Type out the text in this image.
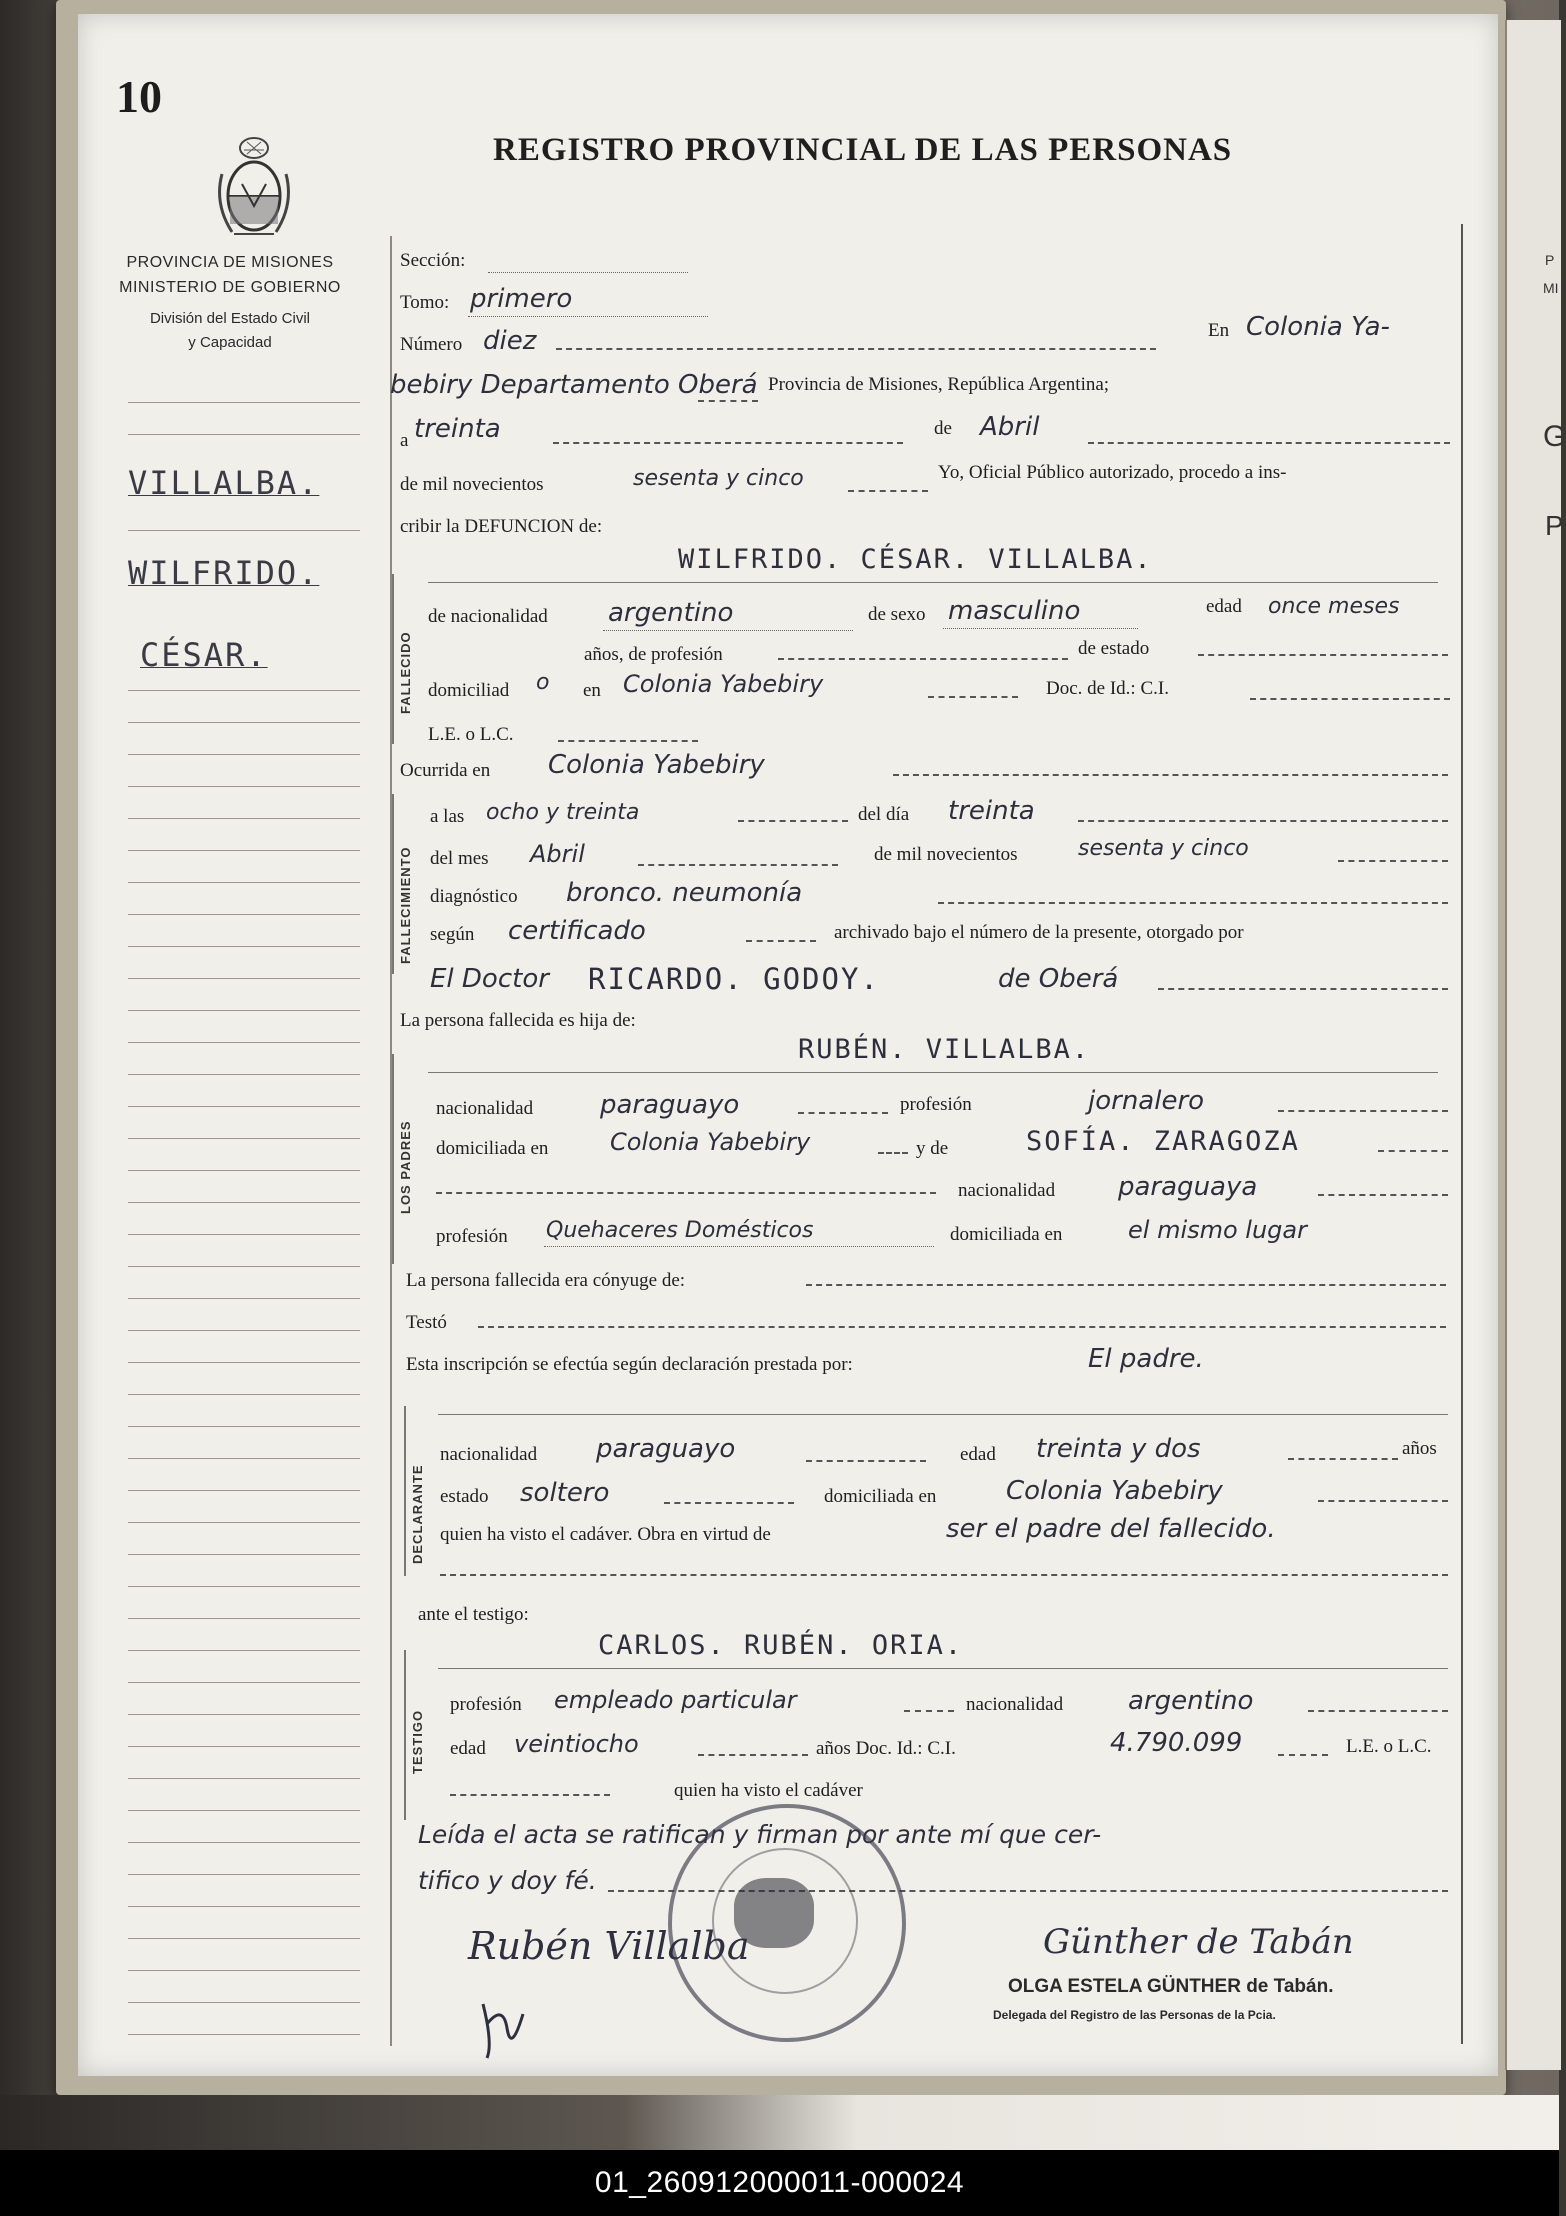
P
MI
G
P
10
REGISTRO PROVINCIAL DE LAS PERSONAS
PROVINCIA DE MISIONES
MINISTERIO DE GOBIERNO
División del Estado Civil
y Capacidad
VILLALBA.
WILFRIDO.
CÉSAR.
Sección:
Tomo: primero
Número diez	En Colonia Ya-
bebiry Departamento Oberá Provincia de Misiones, República Argentina;
a treinta	de Abril
de mil novecientos	sesenta y cinco	Yo, Oficial Público autorizado, procedo a ins-
cribir la DEFUNCION de:
FALLECIDO
WILFRIDO. CÉSAR. VILLALBA.
de nacionalidad argentino	de sexo masculino	edad once meses
años, de profesión	de estado
domiciliad o en Colonia Yabebiry	Doc. de Id.: C.I.
L.E. o L.C.
Ocurrida en Colonia Yabebiry
FALLECIMIENTO
a las ocho y treinta	del día treinta
del mes Abril	de mil novecientos	sesenta y cinco
diagnóstico bronco. neumonía
según certificado	archivado bajo el número de la presente, otorgado por
El Doctor RICARDO. GODOY.	de Oberá
La persona fallecida es hija de:
LOS PADRES
RUBÉN. VILLALBA.
nacionalidad	paraguayo	profesión	jornalero
domiciliada en	Colonia Yabebiry	y de	SOFÍA. ZARAGOZA
nacionalidad paraguaya
profesión Quehaceres Domésticos	domiciliada en	el mismo lugar
La persona fallecida era cónyuge de:
Testó
Esta inscripción se efectúa según declaración prestada por:	El padre.
DECLARANTE
nacionalidad paraguayo	edad treinta y dos	años
estado soltero	domiciliada en	Colonia Yabebiry
quien ha visto el cadáver. Obra en virtud de	ser el padre del fallecido.
ante el testigo:
TESTIGO
CARLOS. RUBÉN. ORIA.
profesión empleado particular	nacionalidad argentino
edad veintiocho	años Doc. Id.: C.I.	4.790.099	L.E. o L.C.
quien ha visto el cadáver
Leída el acta se ratifican y firman por ante mí que cer-
tifico y doy fé.
Rubén Villalba	Günther de Tabán
OLGA ESTELA GÜNTHER de Tabán.
Delegada del Registro de las Personas de la Pcia.
01_260912000011-000024
